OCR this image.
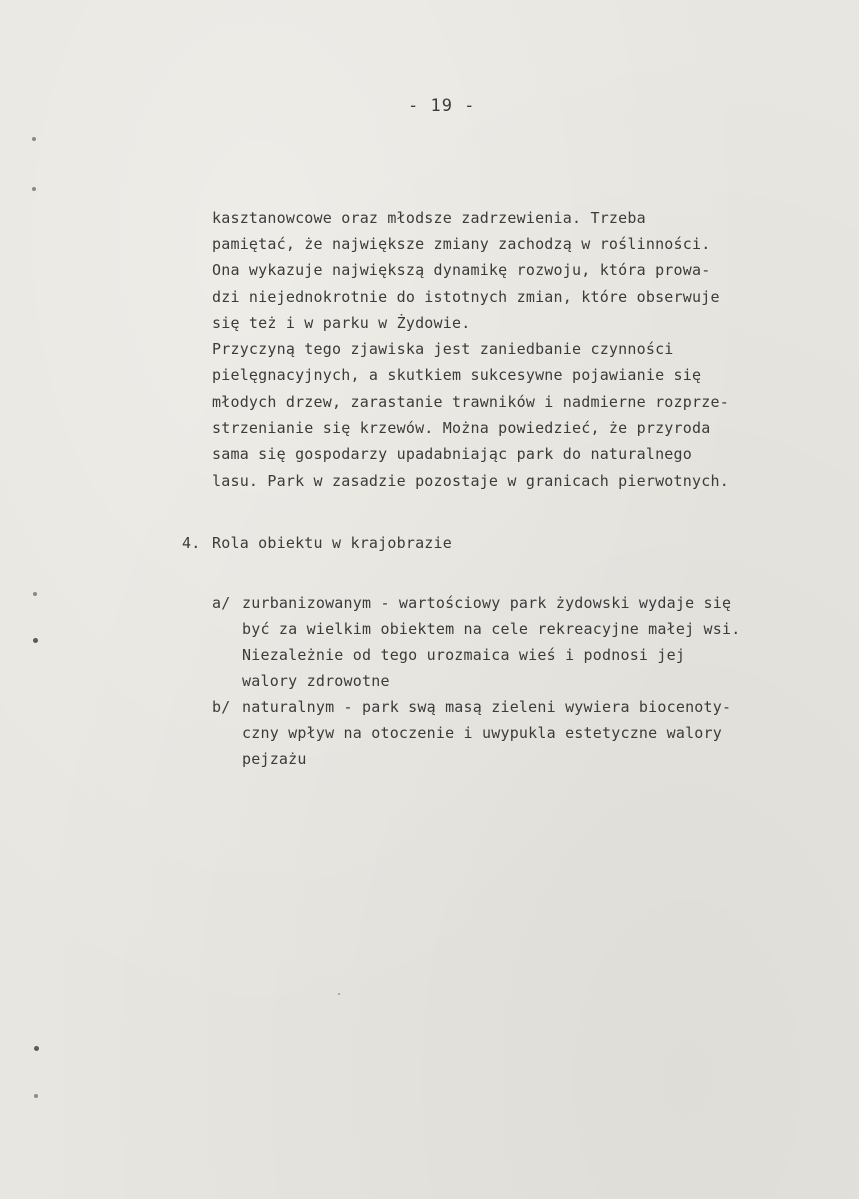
- 19 -
kasztanowcowe oraz młodsze zadrzewienia. Trzeba
pamiętać, że największe zmiany zachodzą w roślinności.
Ona wykazuje największą dynamikę rozwoju, która prowa-
dzi niejednokrotnie do istotnych zmian, które obserwuje
się też i w parku w Żydowie.
Przyczyną tego zjawiska jest zaniedbanie czynności
pielęgnacyjnych, a skutkiem sukcesywne pojawianie się
młodych drzew, zarastanie trawników i nadmierne rozprze-
strzenianie się krzewów. Można powiedzieć, że przyroda
sama się gospodarzy upadabniając park do naturalnego
lasu. Park w zasadzie pozostaje w granicach pierwotnych.
4. Rola obiektu w krajobrazie
a/ zurbanizowanym - wartościowy park żydowski wydaje się
być za wielkim obiektem na cele rekreacyjne małej wsi.
Niezależnie od tego urozmaica wieś i podnosi jej
walory zdrowotne
b/ naturalnym - park swą masą zieleni wywiera biocenoty-
czny wpływ na otoczenie i uwypukla estetyczne walory
pejzażu
